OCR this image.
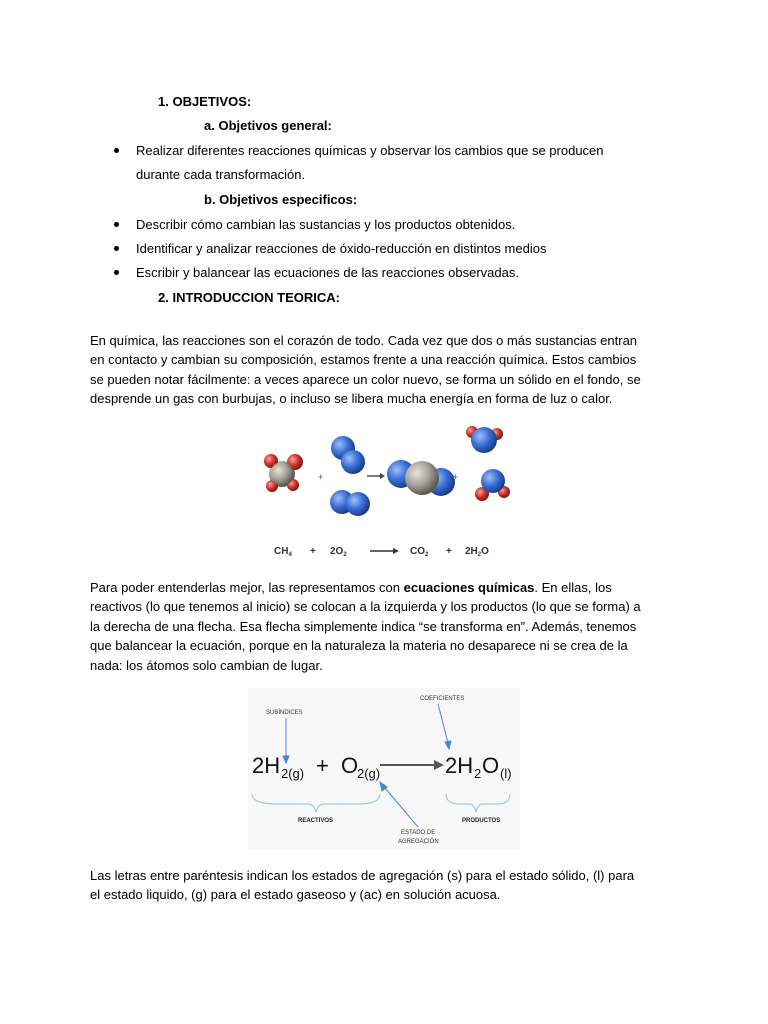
1. OBJETIVOS:
a. Objetivos general:
Realizar diferentes reacciones químicas y observar los cambios que se producen
durante cada transformación.
b. Objetivos especificos:
Describir cómo cambian las sustancias y los productos obtenidos.
Identificar y analizar reacciones de óxido-reducción en distintos medios
Escribir y balancear las ecuaciones de las reacciones observadas.
2. INTRODUCCION TEORICA:
En química, las reacciones son el corazón de todo. Cada vez que dos o más sustancias entran
en contacto y cambian su composición, estamos frente a una reacción química. Estos cambios
se pueden notar fácilmente: a veces aparece un color nuevo, se forma un sólido en el fondo, se
desprende un gas con burbujas, o incluso se libera mucha energía en forma de luz o calor.
+	+
$CH_4 + 2O_2$	$CO_2 + 2H_2O$
Para poder entenderlas mejor, las representamos con ecuaciones químicas. En ellas, los
reactivos (lo que tenemos al inicio) se colocan a la izquierda y los productos (lo que se forma) a
la derecha de una flecha. Esa flecha simplemente indica “se transforma en”. Además, tenemos
que balancear la ecuación, porque en la naturaleza la materia no desaparece ni se crea de la
nada: los átomos solo cambian de lugar.
SUBÍNDICES
COEFICIENTES
2H 2(g) + O
2(g)	2H 2 O (l)
REACTIVOS	PRODUCTOS
ESTADO DE
AGREGACIÓN
Las letras entre paréntesis indican los estados de agregación (s) para el estado sólido, (l) para
el estado liquido, (g) para el estado gaseoso y (ac) en solución acuosa.
